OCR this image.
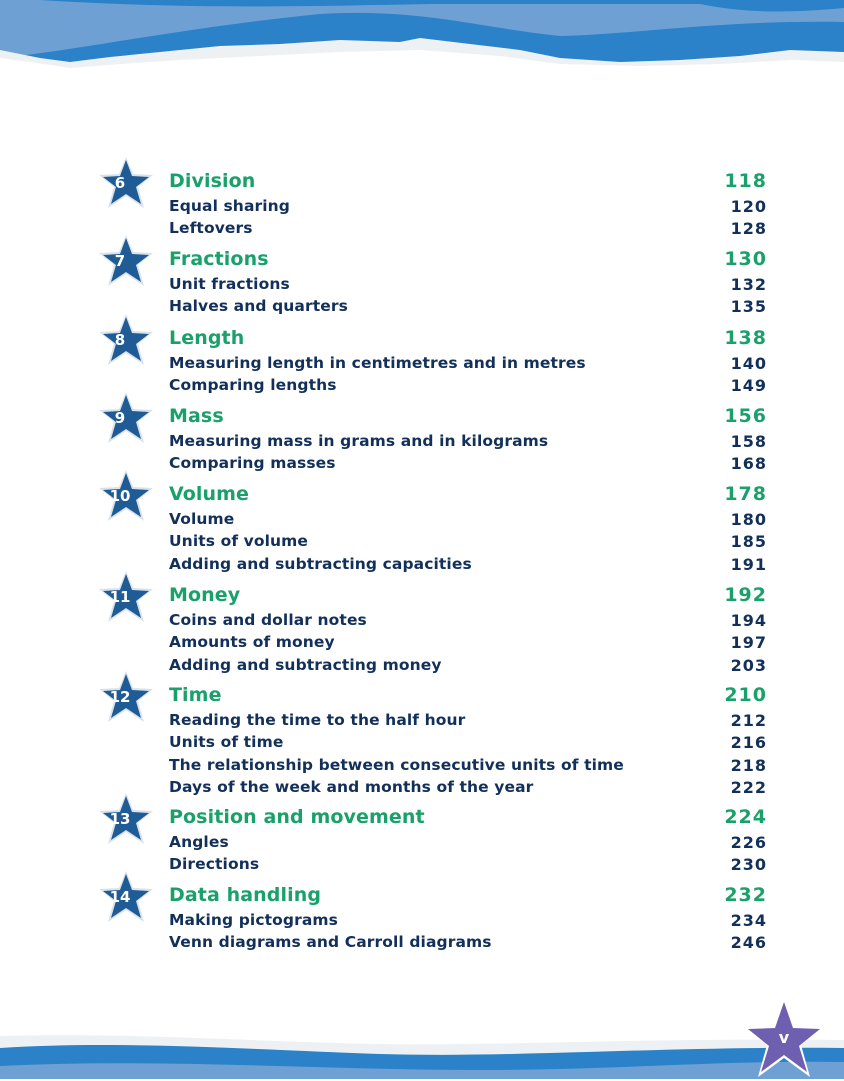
6	Division	118
Equal sharing	120
Leftovers	128
7	Fractions	130
Unit fractions	132
Halves and quarters	135
8	Length	138
Measuring length in centimetres and in metres	140
Comparing lengths	149
9	Mass	156
Measuring mass in grams and in kilograms	158
Comparing masses	168
10	Volume	178
Volume	180
Units of volume	185
Adding and subtracting capacities	191
11	Money	192
Coins and dollar notes	194
Amounts of money	197
Adding and subtracting money	203
12	Time	210
Reading the time to the half hour	212
Units of time	216
The relationship between consecutive units of time	218
Days of the week and months of the year	222
13	Position and movement	224
Angles	226
Directions	230
14	Data handling	232
Making pictograms	234
Venn diagrams and Carroll diagrams	246
v
